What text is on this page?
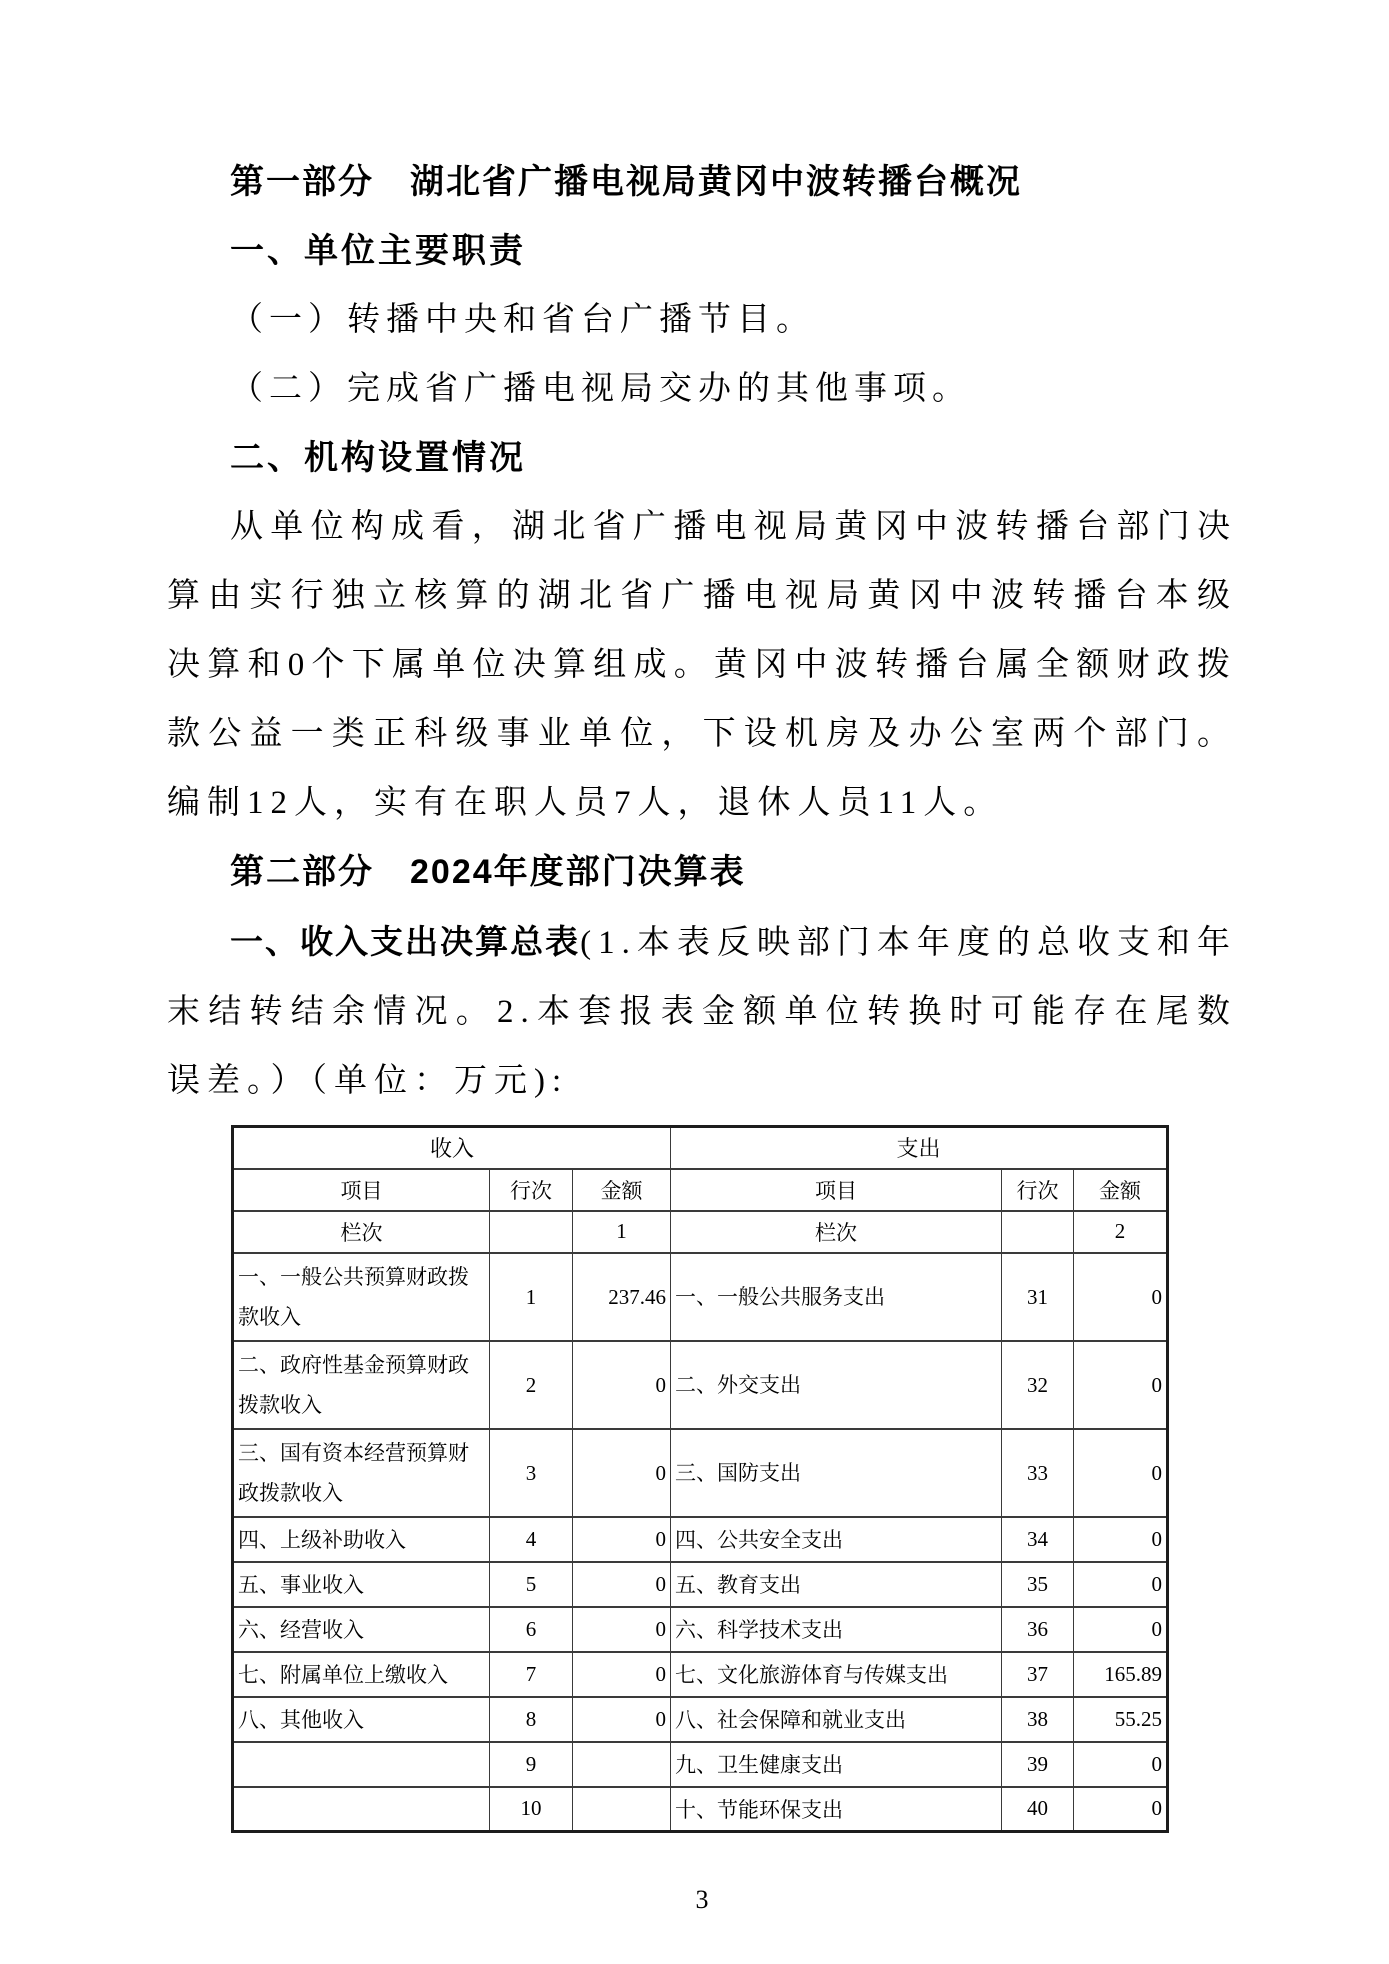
第一部分　湖北省广播电视局黄冈中波转播台概况
一、单位主要职责

（一）转播中央和省台广播节目。

（二）完成省广播电视局交办的其他事项。

二、机构设置情况

从单位构成看，湖北省广播电视局黄冈中波转播台部门决算由实行独立核算的湖北省广播电视局黄冈中波转播台本级决算和0个下属单位决算组成。黄冈中波转播台属全额财政拨款公益一类正科级事业单位，下设机房及办公室两个部门。编制12人，实有在职人员7人，退休人员11人。

第二部分　2024年度部门决算表

一、收入支出决算总表(1.本表反映部门本年度的总收支和年末结转结余情况。2.本套报表金额单位转换时可能存在尾数误差。）（单位：万元):

收入			支出		
项目	行次	金额	项目	行次	金额
栏次		1	栏次		2
一、一般公共预算财政拨款收入	1	237.46	一、一般公共服务支出	31	0
二、政府性基金预算财政拨款收入	2	0	二、外交支出	32	0
三、国有资本经营预算财政拨款收入	3	0	三、国防支出	33	0
四、上级补助收入	4	0	四、公共安全支出	34	0
五、事业收入	5	0	五、教育支出	35	0
六、经营收入	6	0	六、科学技术支出	36	0
七、附属单位上缴收入	7	0	七、文化旅游体育与传媒支出	37	165.89
八、其他收入	8	0	八、社会保障和就业支出	38	55.25
	9		九、卫生健康支出	39	0
	10		十、节能环保支出	40	0
3
